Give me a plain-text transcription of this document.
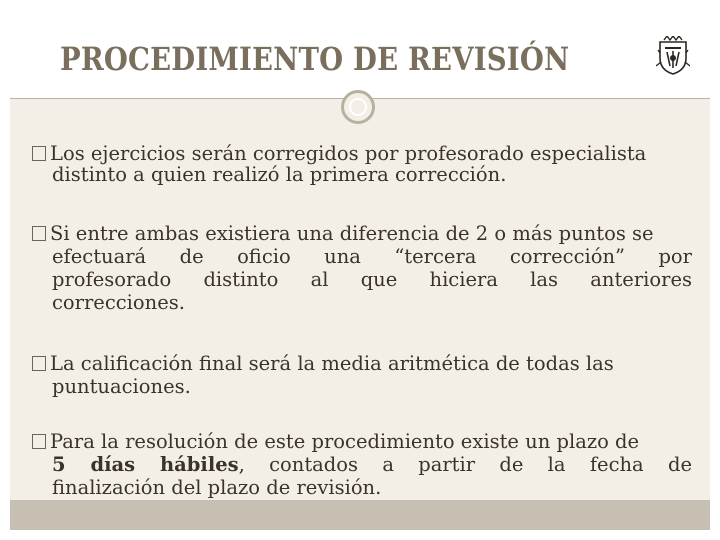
PROCEDIMIENTO DE REVISIÓN
Los ejercicios serán corregidos por profesorado especialista
distinto a quien realizó la primera corrección.
Si entre ambas existiera una diferencia de 2 o más puntos se
efectuará de oficio una “tercera corrección” por
profesorado distinto al que hiciera las anteriores
correcciones.
La calificación final será la media aritmética de todas las
puntuaciones.
Para la resolución de este procedimiento existe un plazo de
5 días hábiles, contados a partir de la fecha de
finalización del plazo de revisión.
